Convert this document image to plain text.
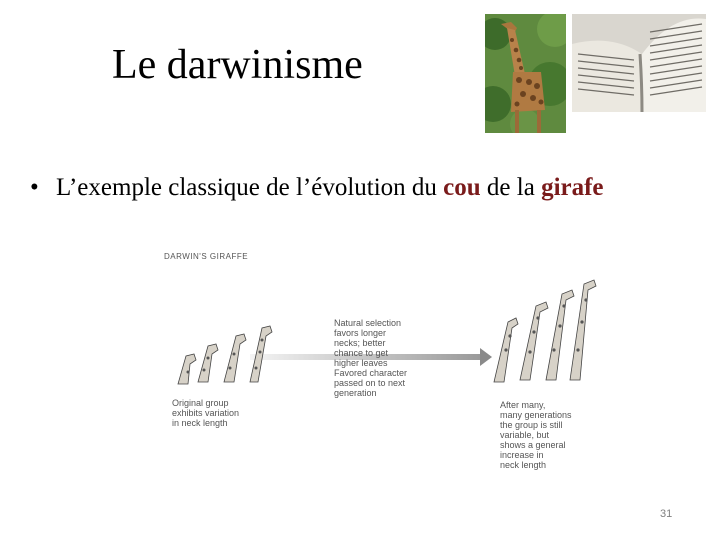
Le darwinisme
• L’exemple classique de l’évolution du cou de la girafe
DARWIN'S GIRAFFE
Original group
exhibits variation
in neck length
Natural selection
favors longer
necks; better
chance to get
higher leaves
Favored character
passed on to next
generation
After many,
many generations
the group is still
variable, but
shows a general
increase in
neck length
31
